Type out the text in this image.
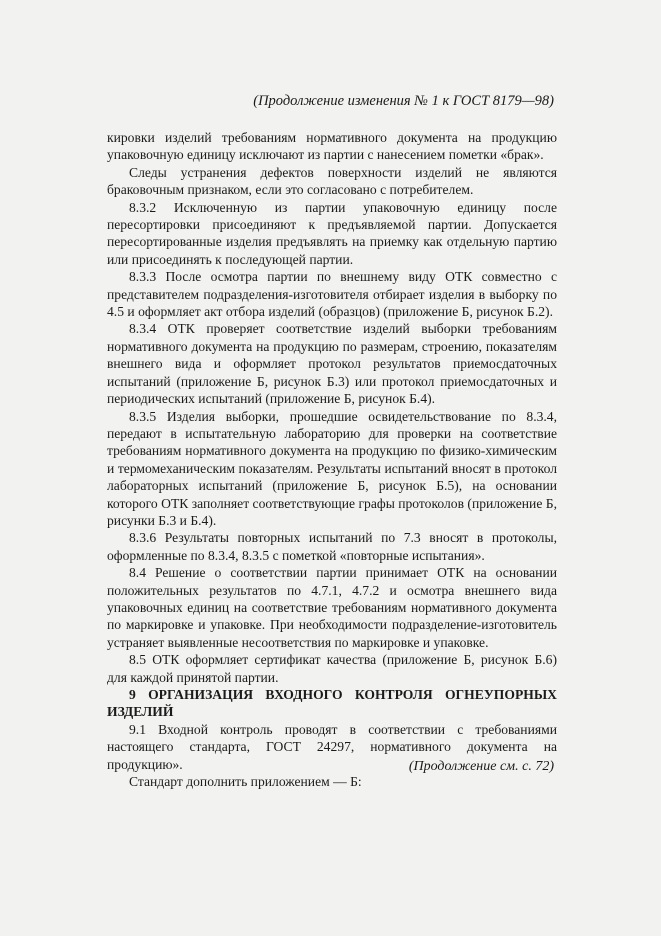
(Продолжение изменения № 1 к ГОСТ 8179—98)

кировки изделий требованиям нормативного документа на продукцию упаковочную единицу исключают из партии с нанесением пометки «брак».

Следы устранения дефектов поверхности изделий не являются браковочным признаком, если это согласовано с потребителем.

8.3.2 Исключенную из партии упаковочную единицу после пересортировки присоединяют к предъявляемой партии. Допускается пересортированные изделия предъявлять на приемку как отдельную партию или присоединять к последующей партии.

8.3.3 После осмотра партии по внешнему виду ОТК совместно с представителем подразделения-изготовителя отбирает изделия в выборку по 4.5 и оформляет акт отбора изделий (образцов) (приложение Б, рисунок Б.2).

8.3.4 ОТК проверяет соответствие изделий выборки требованиям нормативного документа на продукцию по размерам, строению, показателям внешнего вида и оформляет протокол результатов приемосдаточных испытаний (приложение Б, рисунок Б.3) или протокол приемосдаточных и периодических испытаний (приложение Б, рисунок Б.4).

8.3.5 Изделия выборки, прошедшие освидетельствование по 8.3.4, передают в испытательную лабораторию для проверки на соответствие требованиям нормативного документа на продукцию по физико-химическим и термомеханическим показателям. Результаты испытаний вносят в протокол лабораторных испытаний (приложение Б, рисунок Б.5), на основании которого ОТК заполняет соответствующие графы протоколов (приложение Б, рисунки Б.3 и Б.4).

8.3.6 Результаты повторных испытаний по 7.3 вносят в протоколы, оформленные по 8.3.4, 8.3.5 с пометкой «повторные испытания».

8.4 Решение о соответствии партии принимает ОТК на основании положительных результатов по 4.7.1, 4.7.2 и осмотра внешнего вида упаковочных единиц на соответствие требованиям нормативного документа по маркировке и упаковке. При необходимости подразделение-изготовитель устраняет выявленные несоответствия по маркировке и упаковке.

8.5 ОТК оформляет сертификат качества (приложение Б, рисунок Б.6) для каждой принятой партии.

9 ОРГАНИЗАЦИЯ ВХОДНОГО КОНТРОЛЯ ОГНЕУПОРНЫХ ИЗДЕЛИЙ

9.1 Входной контроль проводят в соответствии с требованиями настоящего стандарта, ГОСТ 24297, нормативного документа на продукцию».

Стандарт дополнить приложением — Б:

(Продолжение см. с. 72)
